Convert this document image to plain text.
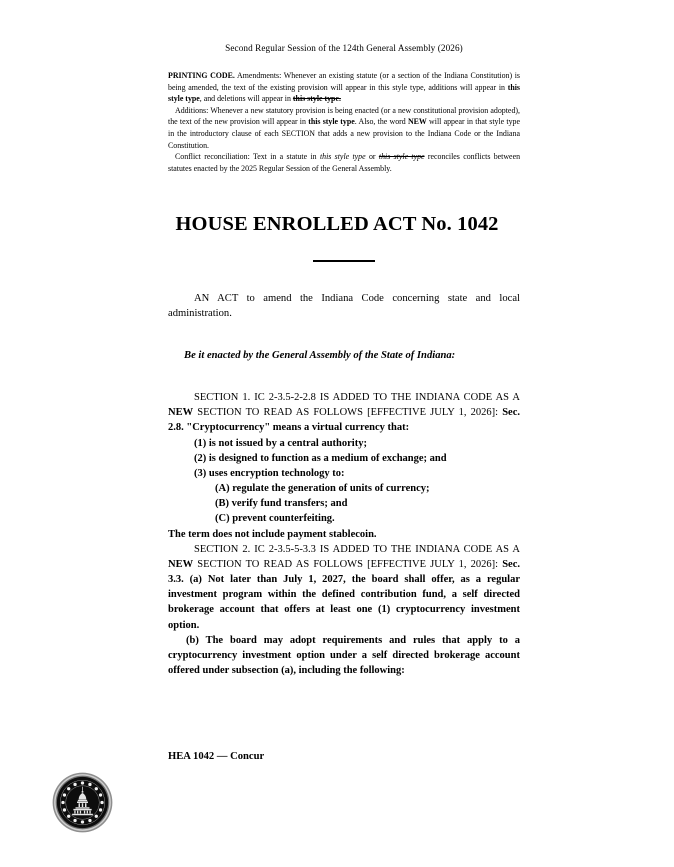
Second Regular Session of the 124th General Assembly (2026)

PRINTING CODE. Amendments: Whenever an existing statute (or a section of the Indiana Constitution) is being amended, the text of the existing provision will appear in this style type, additions will appear in this style type, and deletions will appear in this style type.

Additions: Whenever a new statutory provision is being enacted (or a new constitutional provision adopted), the text of the new provision will appear in this style type. Also, the word NEW will appear in that style type in the introductory clause of each SECTION that adds a new provision to the Indiana Code or the Indiana Constitution.

Conflict reconciliation: Text in a statute in this style type or this style type reconciles conflicts between statutes enacted by the 2025 Regular Session of the General Assembly.

HOUSE ENROLLED ACT No. 1042
AN ACT to amend the Indiana Code concerning state and local administration.
Be it enacted by the General Assembly of the State of Indiana:

SECTION 1. IC 2-3.5-2-2.8 IS ADDED TO THE INDIANA CODE AS A NEW SECTION TO READ AS FOLLOWS [EFFECTIVE JULY 1, 2026]: Sec. 2.8. "Cryptocurrency" means a virtual currency that:

(1) is not issued by a central authority;

(2) is designed to function as a medium of exchange; and

(3) uses encryption technology to:

(A) regulate the generation of units of currency;

(B) verify fund transfers; and

(C) prevent counterfeiting.

The term does not include payment stablecoin.

SECTION 2. IC 2-3.5-5-3.3 IS ADDED TO THE INDIANA CODE AS A NEW SECTION TO READ AS FOLLOWS [EFFECTIVE JULY 1, 2026]: Sec. 3.3. (a) Not later than July 1, 2027, the board shall offer, as a regular investment program within the defined contribution fund, a self directed brokerage account that offers at least one (1) cryptocurrency investment option.

(b) The board may adopt requirements and rules that apply to a cryptocurrency investment option under a self directed brokerage account offered under subsection (a), including the following:

HEA 1042 — Concur
